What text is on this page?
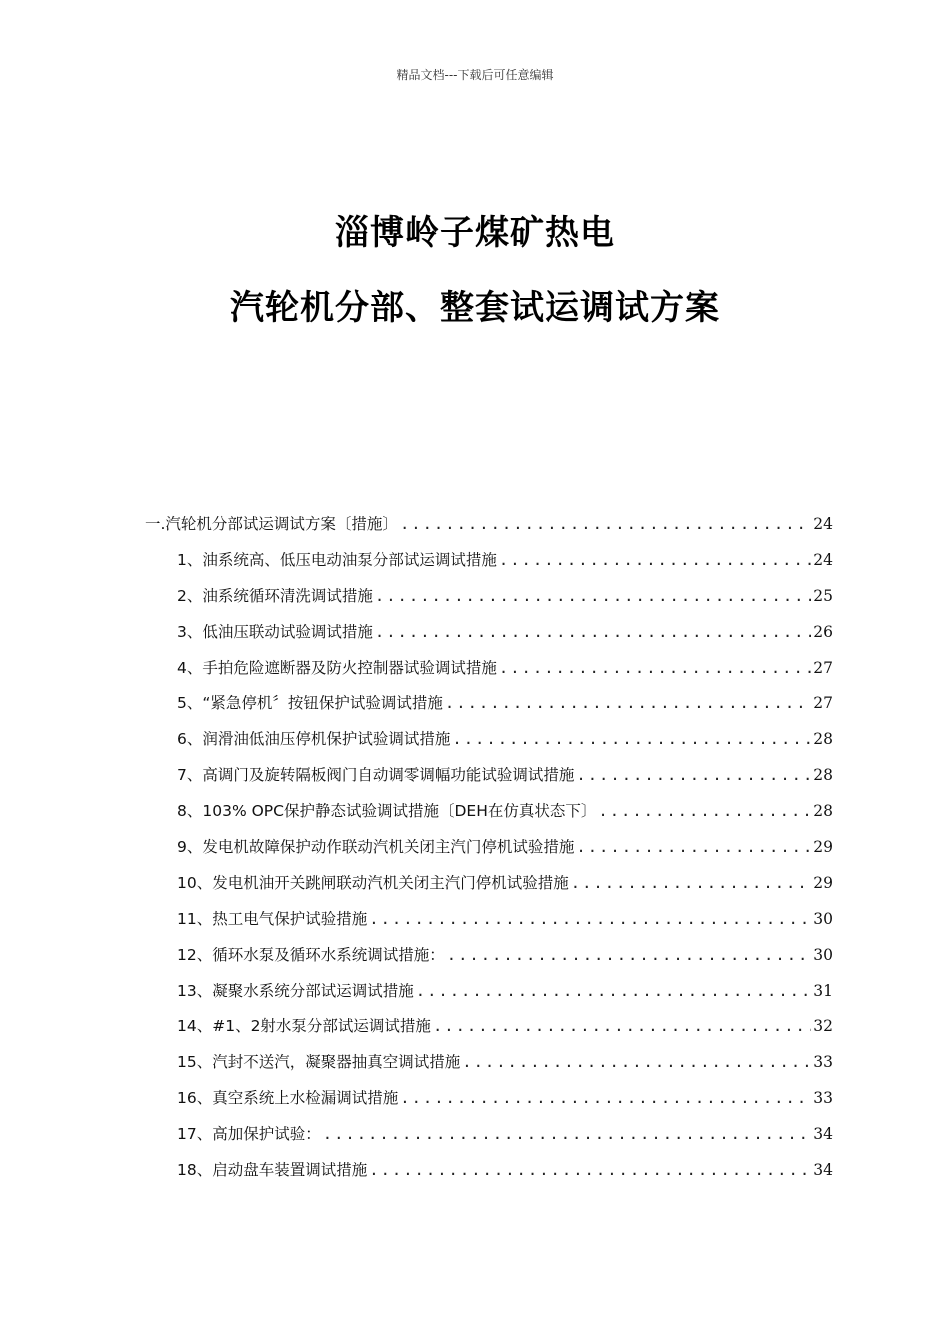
精品文档---下载后可任意编辑
淄博岭子煤矿热电
汽轮机分部、整套试运调试方案
一.汽轮机分部试运调试方案〔措施〕 .....	24
1、油系统高、低压电动油泵分部试运调试措施 .....	24
2、油系统循环清洗调试措施 .....	25
3、低油压联动试验调试措施 .....	26
4、手拍危险遮断器及防火控制器试验调试措施 .....	27
5、“紧急停机〞按钮保护试验调试措施 .....	27
6、润滑油低油压停机保护试验调试措施 .....	28
7、高调门及旋转隔板阀门自动调零调幅功能试验调试措施 .....	28
8、103% OPC保护静态试验调试措施〔DEH在仿真状态下〕 .....	28
9、发电机故障保护动作联动汽机关闭主汽门停机试验措施 .....	29
10、发电机油开关跳闸联动汽机关闭主汽门停机试验措施 .....	29
11、热工电气保护试验措施 .....	30
12、循环水泵及循环水系统调试措施： .....	30
13、凝聚水系统分部试运调试措施 .....	31
14、#1、2射水泵分部试运调试措施 .....	32
15、汽封不送汽，凝聚器抽真空调试措施 .....	33
16、真空系统上水检漏调试措施 .....	33
17、高加保护试验： .....	34
18、启动盘车装置调试措施 .....	34
